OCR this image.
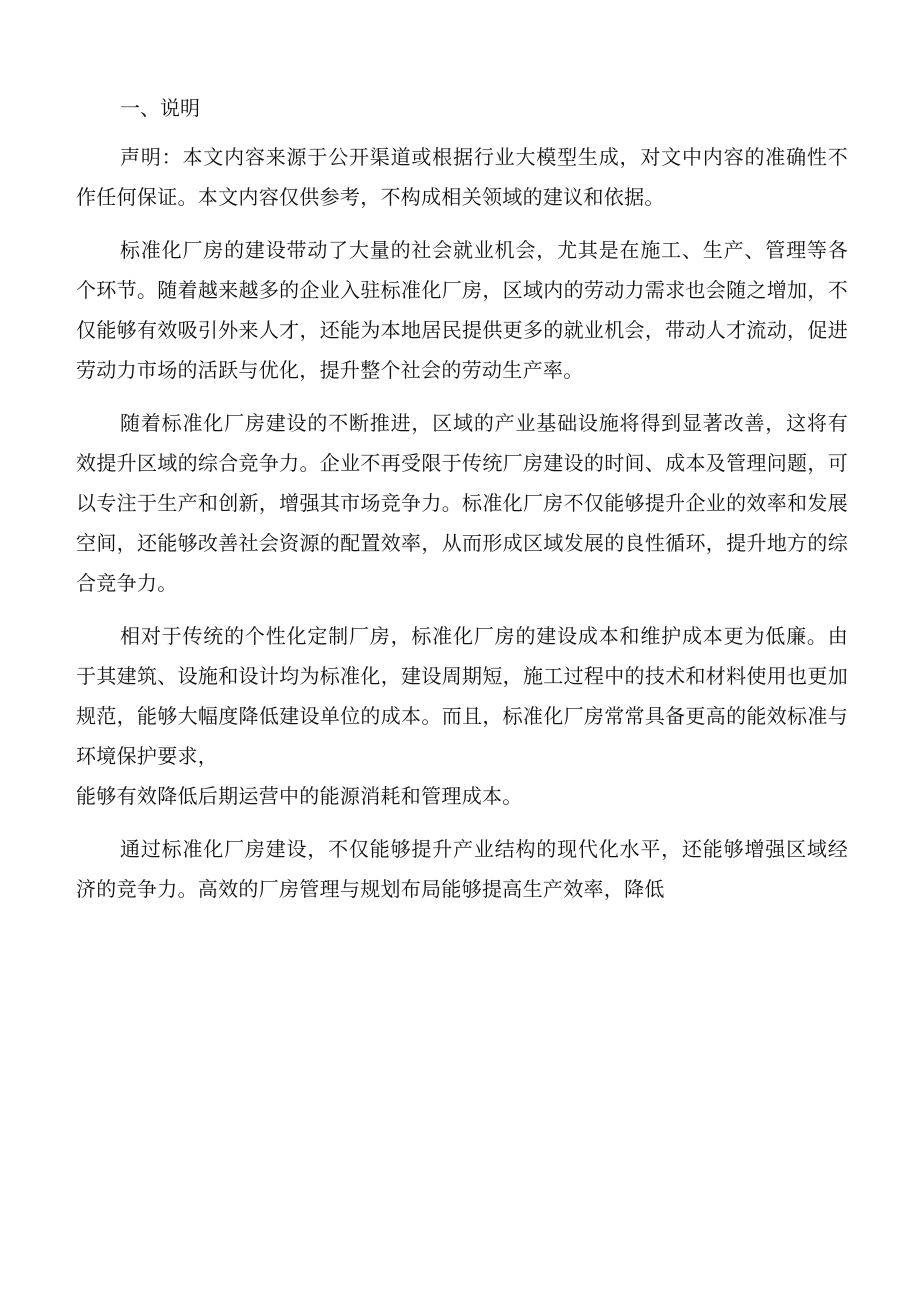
一、说明

声明：本文内容来源于公开渠道或根据行业大模型生成，对文中内容的准确性不作任何保证。本文内容仅供参考，不构成相关领域的建议和依据。

标准化厂房的建设带动了大量的社会就业机会，尤其是在施工、生产、管理等各个环节。随着越来越多的企业入驻标准化厂房，区域内的劳动力需求也会随之增加，不仅能够有效吸引外来人才，还能为本地居民提供更多的就业机会，带动人才流动，促进劳动力市场的活跃与优化，提升整个社会的劳动生产率。

随着标准化厂房建设的不断推进，区域的产业基础设施将得到显著改善，这将有效提升区域的综合竞争力。企业不再受限于传统厂房建设的时间、成本及管理问题，可以专注于生产和创新，增强其市场竞争力。标准化厂房不仅能够提升企业的效率和发展空间，还能够改善社会资源的配置效率，从而形成区域发展的良性循环，提升地方的综合竞争力。

相对于传统的个性化定制厂房，标准化厂房的建设成本和维护成本更为低廉。由于其建筑、设施和设计均为标准化，建设周期短，施工过程中的技术和材料使用也更加规范，能够大幅度降低建设单位的成本。而且，标准化厂房常常具备更高的能效标准与环境保护要求，
能够有效降低后期运营中的能源消耗和管理成本。

通过标准化厂房建设，不仅能够提升产业结构的现代化水平，还能够增强区域经济的竞争力。高效的厂房管理与规划布局能够提高生产效率，降低
